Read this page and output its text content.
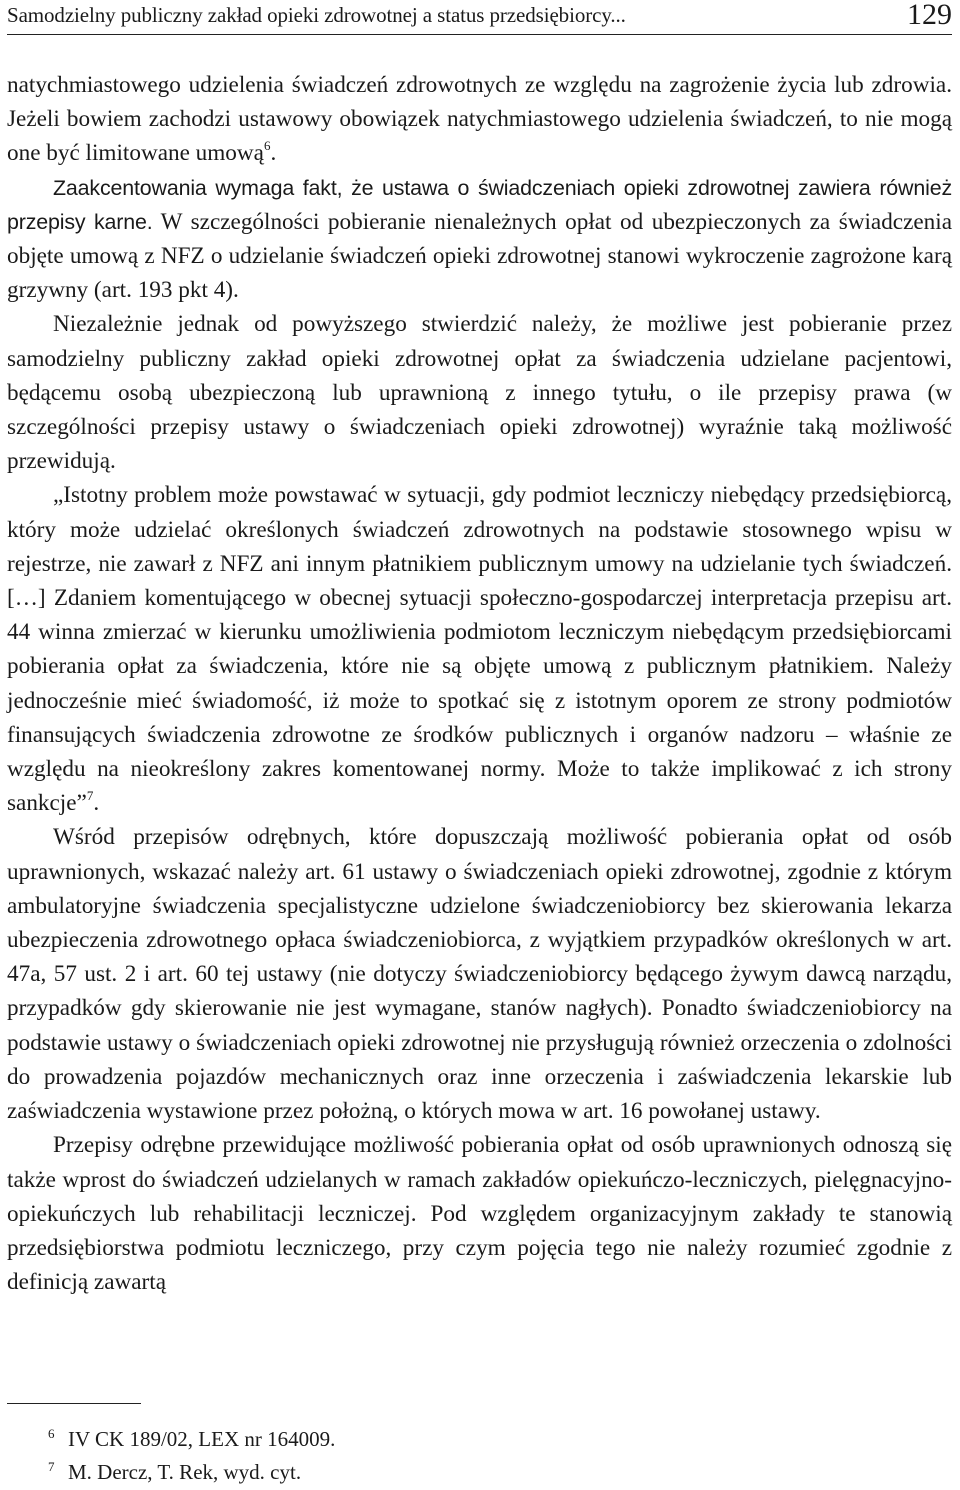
Samodzielny publiczny zakład opieki zdrowotnej a status przedsiębiorcy...	129

natychmiastowego udzielenia świadczeń zdrowotnych ze względu na zagrożenie życia lub zdrowia. Jeżeli bowiem zachodzi ustawowy obowiązek natychmiastowego udzielenia świadczeń, to nie mogą one być limitowane umową$^6$.

Zaakcentowania wymaga fakt, że ustawa o świadczeniach opieki zdrowotnej zawiera również przepisy karne. W szczególności pobieranie nienależnych opłat od ubezpieczonych za świadczenia objęte umową z NFZ o udzielanie świadczeń opieki zdrowotnej stanowi wykroczenie zagrożone karą grzywny (art. 193 pkt 4).

Niezależnie jednak od powyższego stwierdzić należy, że możliwe jest pobieranie przez samodzielny publiczny zakład opieki zdrowotnej opłat za świadczenia udzielane pacjentowi, będącemu osobą ubezpieczoną lub uprawnioną z innego tytułu, o ile przepisy prawa (w szczególności przepisy ustawy o świadczeniach opieki zdrowotnej) wyraźnie taką możliwość przewidują.

„Istotny problem może powstawać w sytuacji, gdy podmiot leczniczy niebędący przedsiębiorcą, który może udzielać określonych świadczeń zdrowotnych na podstawie stosownego wpisu w rejestrze, nie zawarł z NFZ ani innym płatnikiem publicznym umowy na udzielanie tych świadczeń. […] Zdaniem komentującego w obecnej sytuacji społeczno-gospodarczej interpretacja przepisu art. 44 winna zmierzać w kierunku umożliwienia podmiotom leczniczym niebędącym przedsiębiorcami pobierania opłat za świadczenia, które nie są objęte umową z publicznym płatnikiem. Należy jednocześnie mieć świadomość, iż może to spotkać się z istotnym oporem ze strony podmiotów finansujących świadczenia zdrowotne ze środków publicznych i organów nadzoru – właśnie ze względu na nieokreślony zakres komentowanej normy. Może to także implikować z ich strony sankcje”$^7$.

Wśród przepisów odrębnych, które dopuszczają możliwość pobierania opłat od osób uprawnionych, wskazać należy art. 61 ustawy o świadczeniach opieki zdrowotnej, zgodnie z którym ambulatoryjne świadczenia specjalistyczne udzielone świadczeniobiorcy bez skierowania lekarza ubezpieczenia zdrowotnego opłaca świadczeniobiorca, z wyjątkiem przypadków określonych w art. 47a, 57 ust. 2 i art. 60 tej ustawy (nie dotyczy świadczeniobiorcy będącego żywym dawcą narządu, przypadków gdy skierowanie nie jest wymagane, stanów nagłych). Ponadto świadczeniobiorcy na podstawie ustawy o świadczeniach opieki zdrowotnej nie przysługują również orzeczenia o zdolności do prowadzenia pojazdów mechanicznych oraz inne orzeczenia i zaświadczenia lekarskie lub zaświadczenia wystawione przez położną, o których mowa w art. 16 powołanej ustawy.

Przepisy odrębne przewidujące możliwość pobierania opłat od osób uprawnionych odnoszą się także wprost do świadczeń udzielanych w ramach zakładów opiekuńczo-leczniczych, pielęgnacyjno-opiekuńczych lub rehabilitacji leczniczej. Pod względem organizacyjnym zakłady te stanowią przedsiębiorstwa podmiotu leczniczego, przy czym pojęcia tego nie należy rozumieć zgodnie z definicją zawartą

6 IV CK 189/02, LEX nr 164009.
7 M. Dercz, T. Rek, wyd. cyt.
